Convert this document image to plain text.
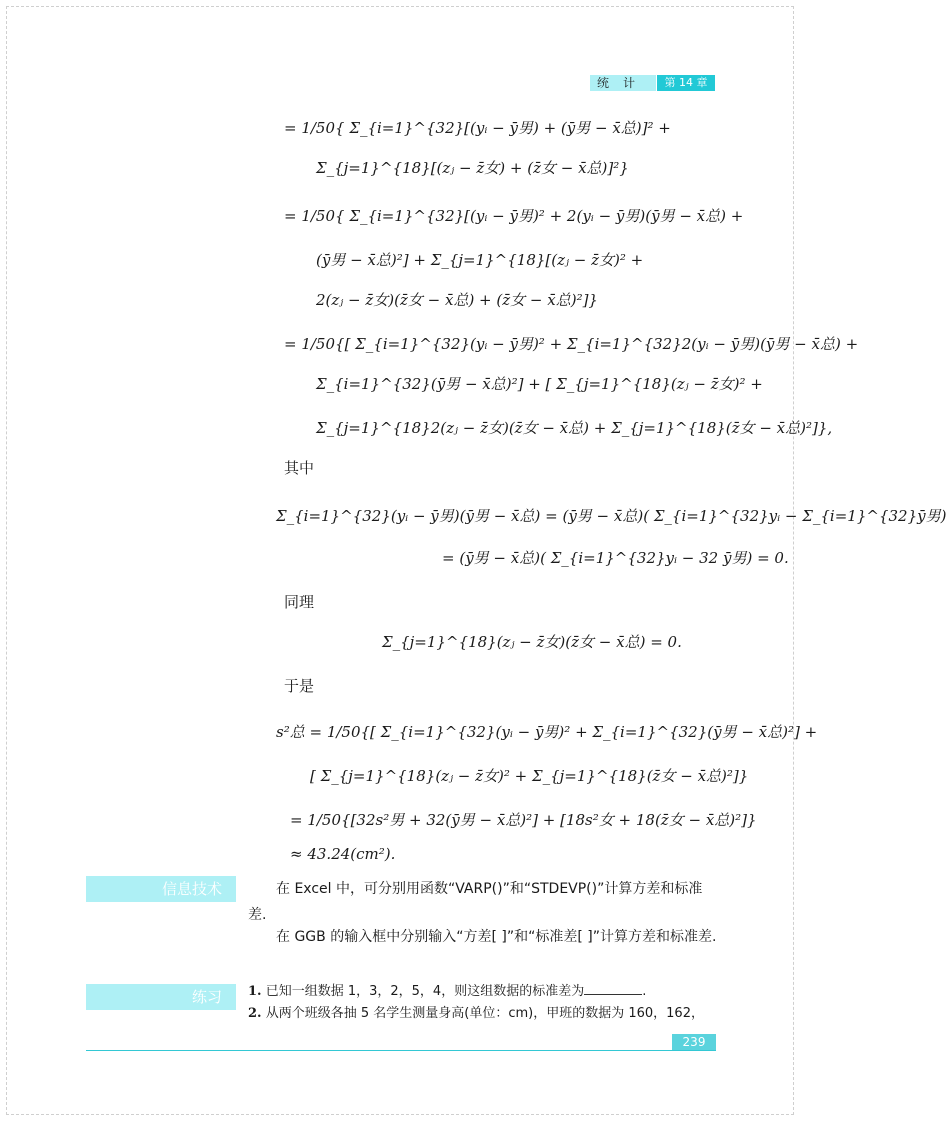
统计	第 14 章
= 1/50{ Σ_{i=1}^{32}[(yᵢ − ȳ男) + (ȳ男 − x̄总)]² +
Σ_{j=1}^{18}[(zⱼ − z̄女) + (z̄女 − x̄总)]²}
= 1/50{ Σ_{i=1}^{32}[(yᵢ − ȳ男)² + 2(yᵢ − ȳ男)(ȳ男 − x̄总) +
(ȳ男 − x̄总)²] + Σ_{j=1}^{18}[(zⱼ − z̄女)² +
2(zⱼ − z̄女)(z̄女 − x̄总) + (z̄女 − x̄总)²]}
= 1/50{[ Σ_{i=1}^{32}(yᵢ − ȳ男)² + Σ_{i=1}^{32}2(yᵢ − ȳ男)(ȳ男 − x̄总) +
Σ_{i=1}^{32}(ȳ男 − x̄总)²] + [ Σ_{j=1}^{18}(zⱼ − z̄女)² +
Σ_{j=1}^{18}2(zⱼ − z̄女)(z̄女 − x̄总) + Σ_{j=1}^{18}(z̄女 − x̄总)²]},
其中
Σ_{i=1}^{32}(yᵢ − ȳ男)(ȳ男 − x̄总) = (ȳ男 − x̄总)( Σ_{i=1}^{32}yᵢ − Σ_{i=1}^{32}ȳ男)
= (ȳ男 − x̄总)( Σ_{i=1}^{32}yᵢ − 32 ȳ男) = 0.
同理
Σ_{j=1}^{18}(zⱼ − z̄女)(z̄女 − x̄总) = 0.
于是
s²总 = 1/50{[ Σ_{i=1}^{32}(yᵢ − ȳ男)² + Σ_{i=1}^{32}(ȳ男 − x̄总)²] +
[ Σ_{j=1}^{18}(zⱼ − z̄女)² + Σ_{j=1}^{18}(z̄女 − x̄总)²]}
= 1/50{[32s²男 + 32(ȳ男 − x̄总)²] + [18s²女 + 18(z̄女 − x̄总)²]}
≈ 43.24(cm²).
信息技术	在 Excel 中，可分别用函数“VARP()”和“STDEVP()”计算方差和标准差.
在 GGB 的输入框中分别输入“方差[ ]”和“标准差[ ]”计算方差和标准差.
练习	1. 已知一组数据 1，3，2，5，4，则这组数据的标准差为	.
2. 从两个班级各抽 5 名学生测量身高(单位：cm)，甲班的数据为 160，162，
239
